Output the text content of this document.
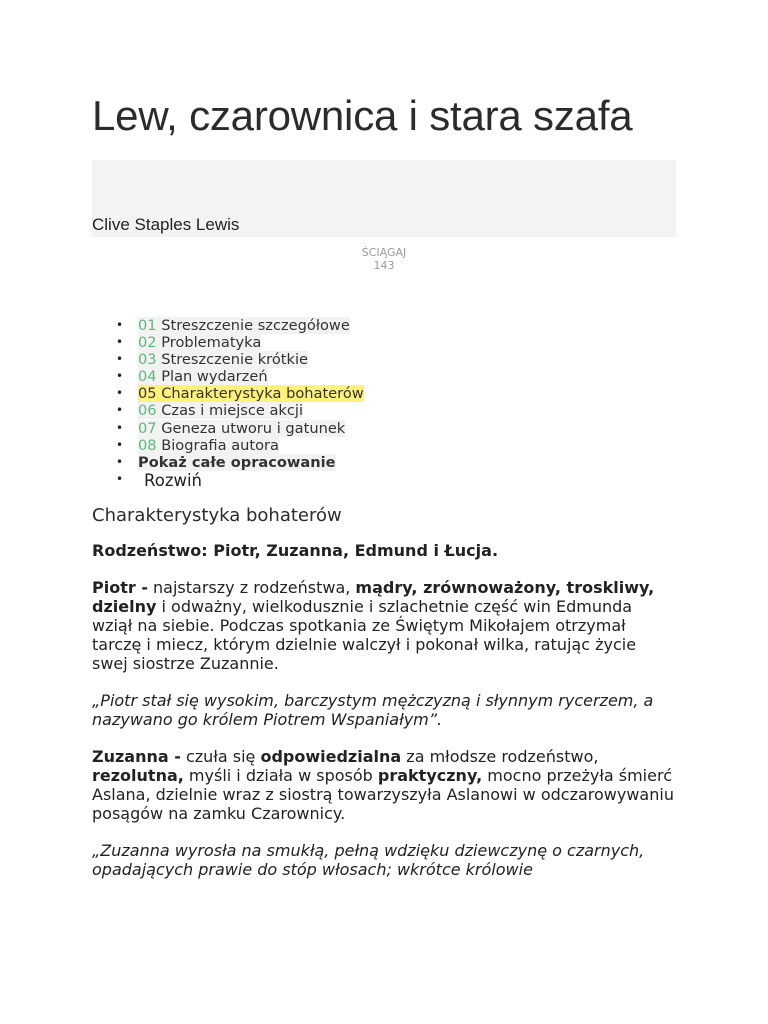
Lew, czarownica i stara szafa
Clive Staples Lewis
ŚCIĄGAJ
143
• 01 Streszczenie szczegółowe
• 02 Problematyka
• 03 Streszczenie krótkie
• 04 Plan wydarzeń
• 05 Charakterystyka bohaterów
• 06 Czas i miejsce akcji
• 07 Geneza utworu i gatunek
• 08 Biografia autora
• Pokaż całe opracowanie
• Rozwiń
Charakterystyka bohaterów

Rodzeństwo: Piotr, Zuzanna, Edmund i Łucja.

Piotr - najstarszy z rodzeństwa, mądry, zrównoważony, troskliwy, dzielny i odważny, wielkodusznie i szlachetnie część win Edmunda wziął na siebie. Podczas spotkania ze Świętym Mikołajem otrzymał tarczę i miecz, którym dzielnie walczył i pokonał wilka, ratując życie swej siostrze Zuzannie.

„Piotr stał się wysokim, barczystym mężczyzną i słynnym rycerzem, a nazywano go królem Piotrem Wspaniałym”.

Zuzanna - czuła się odpowiedzialna za młodsze rodzeństwo, rezolutna, myśli i działa w sposób praktyczny, mocno przeżyła śmierć Aslana, dzielnie wraz z siostrą towarzyszyła Aslanowi w odczarowywaniu posągów na zamku Czarownicy.

„Zuzanna wyrosła na smukłą, pełną wdzięku dziewczynę o czarnych, opadających prawie do stóp włosach; wkrótce królowie
